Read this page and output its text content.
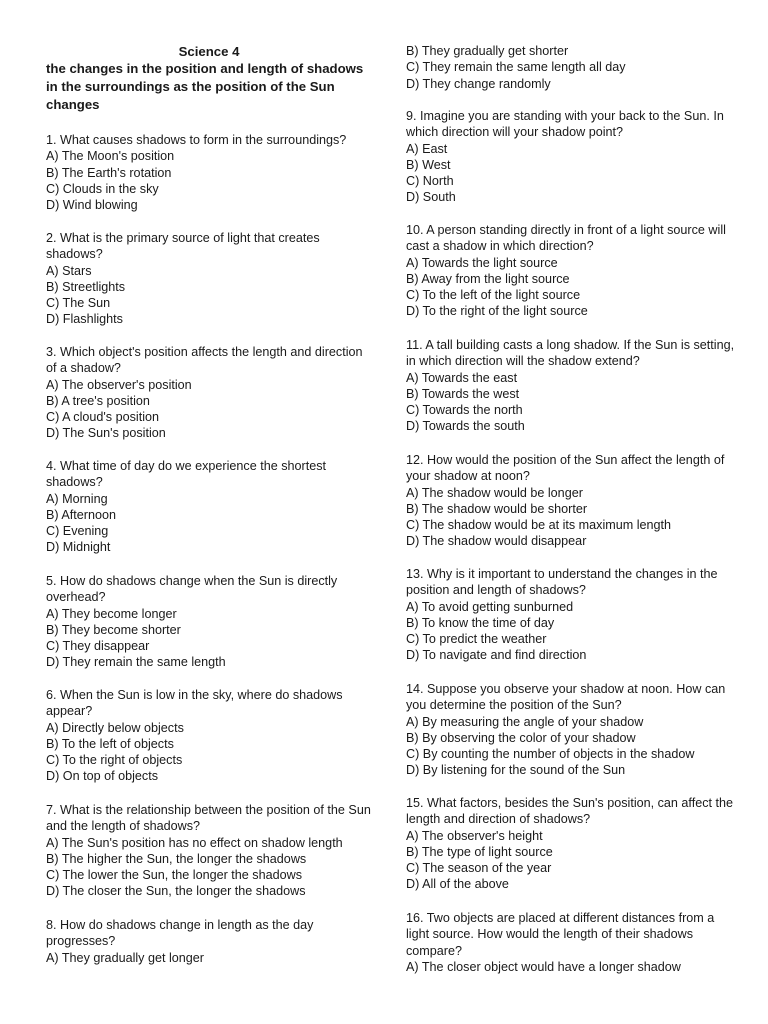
Science 4
the changes in the position and length of shadows in the surroundings as the position of the Sun changes
1. What causes shadows to form in the surroundings?
A) The Moon's position
B) The Earth's rotation
C) Clouds in the sky
D) Wind blowing
2. What is the primary source of light that creates shadows?
A) Stars
B) Streetlights
C) The Sun
D) Flashlights
3. Which object's position affects the length and direction of a shadow?
A) The observer's position
B) A tree's position
C) A cloud's position
D) The Sun's position
4. What time of day do we experience the shortest shadows?
A) Morning
B) Afternoon
C) Evening
D) Midnight
5. How do shadows change when the Sun is directly overhead?
A) They become longer
B) They become shorter
C) They disappear
D) They remain the same length
6. When the Sun is low in the sky, where do shadows appear?
A) Directly below objects
B) To the left of objects
C) To the right of objects
D) On top of objects
7. What is the relationship between the position of the Sun and the length of shadows?
A) The Sun's position has no effect on shadow length
B) The higher the Sun, the longer the shadows
C) The lower the Sun, the longer the shadows
D) The closer the Sun, the longer the shadows
8. How do shadows change in length as the day progresses?
A) They gradually get longer
B) They gradually get shorter
C) They remain the same length all day
D) They change randomly
9. Imagine you are standing with your back to the Sun. In which direction will your shadow point?
A) East
B) West
C) North
D) South
10. A person standing directly in front of a light source will cast a shadow in which direction?
A) Towards the light source
B) Away from the light source
C) To the left of the light source
D) To the right of the light source
11. A tall building casts a long shadow. If the Sun is setting, in which direction will the shadow extend?
A) Towards the east
B) Towards the west
C) Towards the north
D) Towards the south
12. How would the position of the Sun affect the length of your shadow at noon?
A) The shadow would be longer
B) The shadow would be shorter
C) The shadow would be at its maximum length
D) The shadow would disappear
13. Why is it important to understand the changes in the position and length of shadows?
A) To avoid getting sunburned
B) To know the time of day
C) To predict the weather
D) To navigate and find direction
14. Suppose you observe your shadow at noon. How can you determine the position of the Sun?
A) By measuring the angle of your shadow
B) By observing the color of your shadow
C) By counting the number of objects in the shadow
D) By listening for the sound of the Sun
15. What factors, besides the Sun's position, can affect the length and direction of shadows?
A) The observer's height
B) The type of light source
C) The season of the year
D) All of the above
16. Two objects are placed at different distances from a light source. How would the length of their shadows compare?
A) The closer object would have a longer shadow
